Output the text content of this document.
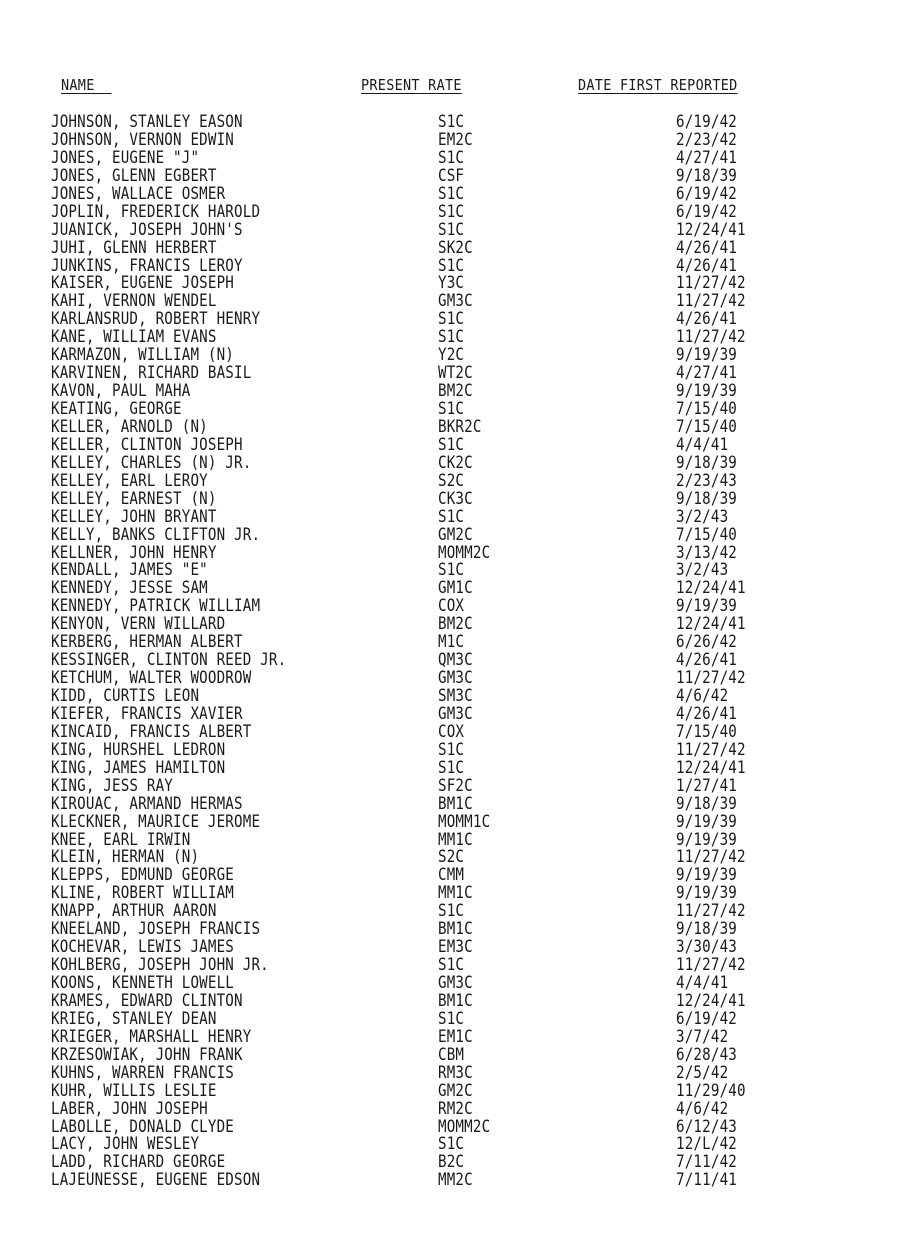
NAME	PRESENT RATE	DATE FIRST REPORTED
JOHNSON, STANLEY EASON	S1C	6/19/42
JOHNSON, VERNON EDWIN	EM2C	2/23/42
JONES, EUGENE "J"	S1C	4/27/41
JONES, GLENN EGBERT	CSF	9/18/39
JONES, WALLACE OSMER	S1C	6/19/42
JOPLIN, FREDERICK HAROLD	S1C	6/19/42
JUANICK, JOSEPH JOHN'S	S1C	12/24/41
JUHI, GLENN HERBERT	SK2C	4/26/41
JUNKINS, FRANCIS LEROY	S1C	4/26/41
KAISER, EUGENE JOSEPH	Y3C	11/27/42
KAHI, VERNON WENDEL	GM3C	11/27/42
KARLANSRUD, ROBERT HENRY	S1C	4/26/41
KANE, WILLIAM EVANS	S1C	11/27/42
KARMAZON, WILLIAM (N)	Y2C	9/19/39
KARVINEN, RICHARD BASIL	WT2C	4/27/41
KAVON, PAUL MAHA	BM2C	9/19/39
KEATING, GEORGE	S1C	7/15/40
KELLER, ARNOLD (N)	BKR2C	7/15/40
KELLER, CLINTON JOSEPH	S1C	4/4/41
KELLEY, CHARLES (N) JR.	CK2C	9/18/39
KELLEY, EARL LEROY	S2C	2/23/43
KELLEY, EARNEST (N)	CK3C	9/18/39
KELLEY, JOHN BRYANT	S1C	3/2/43
KELLY, BANKS CLIFTON JR.	GM2C	7/15/40
KELLNER, JOHN HENRY	MOMM2C	3/13/42
KENDALL, JAMES "E"	S1C	3/2/43
KENNEDY, JESSE SAM	GM1C	12/24/41
KENNEDY, PATRICK WILLIAM	COX	9/19/39
KENYON, VERN WILLARD	BM2C	12/24/41
KERBERG, HERMAN ALBERT	M1C	6/26/42
KESSINGER, CLINTON REED JR.	QM3C	4/26/41
KETCHUM, WALTER WOODROW	GM3C	11/27/42
KIDD, CURTIS LEON	SM3C	4/6/42
KIEFER, FRANCIS XAVIER	GM3C	4/26/41
KINCAID, FRANCIS ALBERT	COX	7/15/40
KING, HURSHEL LEDRON	S1C	11/27/42
KING, JAMES HAMILTON	S1C	12/24/41
KING, JESS RAY	SF2C	1/27/41
KIROUAC, ARMAND HERMAS	BM1C	9/18/39
KLECKNER, MAURICE JEROME	MOMM1C	9/19/39
KNEE, EARL IRWIN	MM1C	9/19/39
KLEIN, HERMAN (N)	S2C	11/27/42
KLEPPS, EDMUND GEORGE	CMM	9/19/39
KLINE, ROBERT WILLIAM	MM1C	9/19/39
KNAPP, ARTHUR AARON	S1C	11/27/42
KNEELAND, JOSEPH FRANCIS	BM1C	9/18/39
KOCHEVAR, LEWIS JAMES	EM3C	3/30/43
KOHLBERG, JOSEPH JOHN JR.	S1C	11/27/42
KOONS, KENNETH LOWELL	GM3C	4/4/41
KRAMES, EDWARD CLINTON	BM1C	12/24/41
KRIEG, STANLEY DEAN	S1C	6/19/42
KRIEGER, MARSHALL HENRY	EM1C	3/7/42
KRZESOWIAK, JOHN FRANK	CBM	6/28/43
KUHNS, WARREN FRANCIS	RM3C	2/5/42
KUHR, WILLIS LESLIE	GM2C	11/29/40
LABER, JOHN JOSEPH	RM2C	4/6/42
LABOLLE, DONALD CLYDE	MOMM2C	6/12/43
LACY, JOHN WESLEY	S1C	12/L/42
LADD, RICHARD GEORGE	B2C	7/11/42
LAJEUNESSE, EUGENE EDSON	MM2C	7/11/41
